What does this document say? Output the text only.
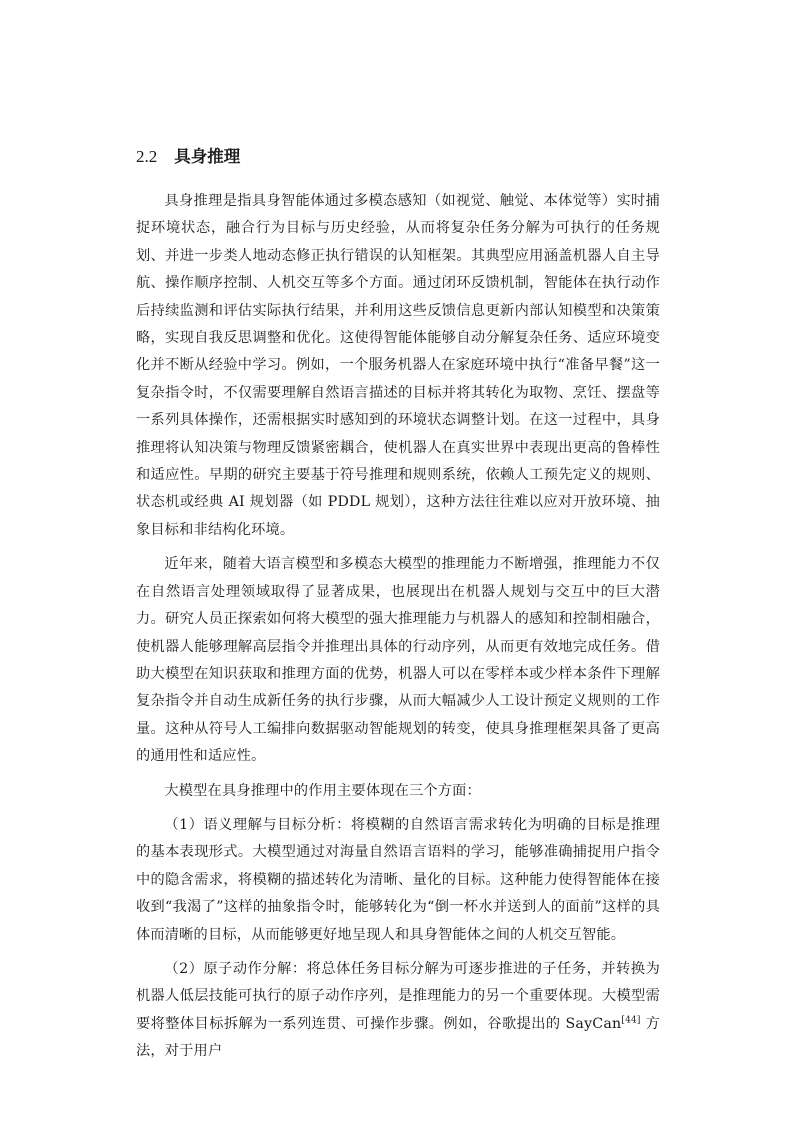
2.2 具身推理

具身推理是指具身智能体通过多模态感知（如视觉、触觉、本体觉等）实时捕捉环境状态，融合行为目标与历史经验，从而将复杂任务分解为可执行的任务规划、并进一步类人地动态修正执行错误的认知框架。其典型应用涵盖机器人自主导航、操作顺序控制、人机交互等多个方面。通过闭环反馈机制，智能体在执行动作后持续监测和评估实际执行结果，并利用这些反馈信息更新内部认知模型和决策策略，实现自我反思调整和优化。这使得智能体能够自动分解复杂任务、适应环境变化并不断从经验中学习。例如，一个服务机器人在家庭环境中执行“准备早餐”这一复杂指令时，不仅需要理解自然语言描述的目标并将其转化为取物、烹饪、摆盘等一系列具体操作，还需根据实时感知到的环境状态调整计划。在这一过程中，具身推理将认知决策与物理反馈紧密耦合，使机器人在真实世界中表现出更高的鲁棒性和适应性。早期的研究主要基于符号推理和规则系统，依赖人工预先定义的规则、状态机或经典 AI 规划器（如 PDDL 规划），这种方法往往难以应对开放环境、抽象目标和非结构化环境。

近年来，随着大语言模型和多模态大模型的推理能力不断增强，推理能力不仅在自然语言处理领域取得了显著成果，也展现出在机器人规划与交互中的巨大潜力。研究人员正探索如何将大模型的强大推理能力与机器人的感知和控制相融合，使机器人能够理解高层指令并推理出具体的行动序列，从而更有效地完成任务。借助大模型在知识获取和推理方面的优势，机器人可以在零样本或少样本条件下理解复杂指令并自动生成新任务的执行步骤，从而大幅减少人工设计预定义规则的工作量。这种从符号人工编排向数据驱动智能规划的转变，使具身推理框架具备了更高的通用性和适应性。

大模型在具身推理中的作用主要体现在三个方面：

（1）语义理解与目标分析：将模糊的自然语言需求转化为明确的目标是推理的基本表现形式。大模型通过对海量自然语言语料的学习，能够准确捕捉用户指令中的隐含需求，将模糊的描述转化为清晰、量化的目标。这种能力使得智能体在接收到“我渴了”这样的抽象指令时，能够转化为“倒一杯水并送到人的面前”这样的具体而清晰的目标，从而能够更好地呈现人和具身智能体之间的人机交互智能。

（2）原子动作分解：将总体任务目标分解为可逐步推进的子任务，并转换为机器人低层技能可执行的原子动作序列，是推理能力的另一个重要体现。大模型需要将整体目标拆解为一系列连贯、可操作步骤。例如，谷歌提出的 SayCan[44] 方法，对于用户
